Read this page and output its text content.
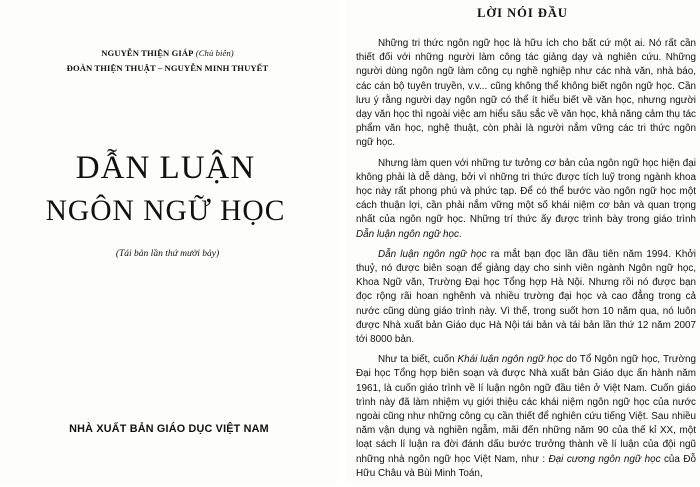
NGUYỄN THIỆN GIÁP (Chủ biên)
ĐOÀN THIỆN THUẬT – NGUYỄN MINH THUYẾT
DẪN LUẬN
NGÔN NGỮ HỌC
(Tái bản lần thứ mười bảy)
NHÀ XUẤT BẢN GIÁO DỤC VIỆT NAM
LỜI NÓI ĐẦU

Những tri thức ngôn ngữ học là hữu ích cho bất cứ một ai. Nó rất cần thiết đối với những người làm công tác giảng dạy và nghiên cứu. Những người dùng ngôn ngữ làm công cụ nghề nghiệp như các nhà văn, nhà báo, các cán bộ tuyên truyền, v.v... cũng không thể không biết ngôn ngữ học. Cần lưu ý rằng người dạy ngôn ngữ có thể ít hiểu biết về văn học, nhưng người dạy văn học thì ngoài việc am hiểu sâu sắc về văn học, khả năng cảm thụ tác phẩm văn học, nghệ thuật, còn phải là người nắm vững các tri thức ngôn ngữ học.

Nhưng làm quen với những tư tưởng cơ bản của ngôn ngữ học hiện đại không phải là dễ dàng, bởi vì những tri thức được tích luỹ trong ngành khoa học này rất phong phú và phức tạp. Để có thể bước vào ngôn ngữ học một cách thuận lợi, cần phải nắm vững một số khái niệm cơ bản và quan trọng nhất của ngôn ngữ học. Những trí thức ấy được trình bày trong giáo trình Dẫn luận ngôn ngữ học.

Dẫn luận ngôn ngữ học ra mắt bạn đọc lần đầu tiên năm 1994. Khởi thuỷ, nó được biên soạn để giảng dạy cho sinh viên ngành Ngôn ngữ học, Khoa Ngữ văn, Trường Đại học Tổng hợp Hà Nội. Nhưng rồi nó được bạn đọc rộng rãi hoan nghênh và nhiều trường đại học và cao đẳng trong cả nước cũng dùng giáo trình này. Vì thế, trong suốt hơn 10 năm qua, nó luôn được Nhà xuất bản Giáo dục Hà Nội tái bản và tái bản lần thứ 12 năm 2007 tới 8000 bản.

Như ta biết, cuốn Khái luận ngôn ngữ học do Tổ Ngôn ngữ học, Trường Đại học Tổng hợp biên soạn và được Nhà xuất bản Giáo dục ấn hành năm 1961, là cuốn giáo trình về lí luận ngôn ngữ đầu tiên ở Việt Nam. Cuốn giáo trình này đã làm nhiệm vụ giới thiệu các khái niệm ngôn ngữ học của nước ngoài cũng như những công cụ cần thiết để nghiên cứu tiếng Việt. Sau nhiều năm vận dụng và nghiền ngẫm, mãi đến những năm 90 của thế kỉ XX, một loạt sách lí luận ra đời đánh dấu bước trưởng thành về lí luận của đội ngũ những nhà ngôn ngữ học Việt Nam, như : Đại cương ngôn ngữ học của Đỗ Hữu Châu và Bùi Minh Toán,
